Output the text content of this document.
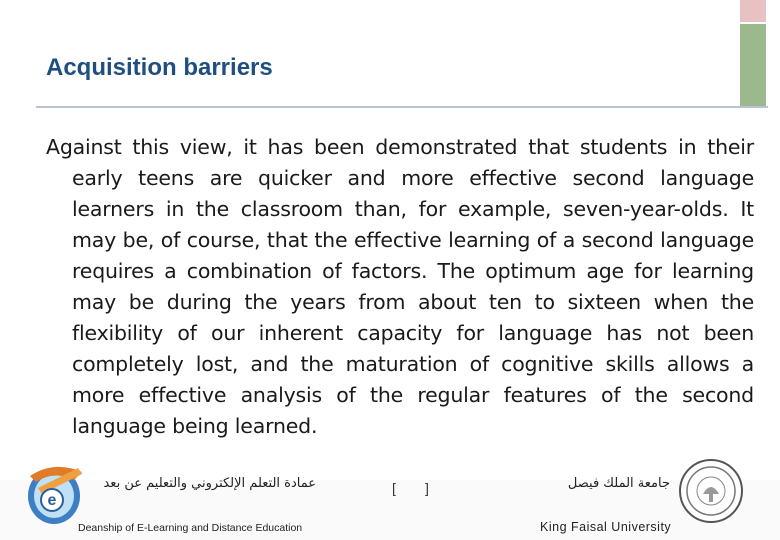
Acquisition barriers
Against this view, it has been demonstrated that students in their early teens are quicker and more effective second language learners in the classroom than, for example, seven-year-olds. It may be, of course, that the effective learning of a second language requires a combination of factors. The optimum age for learning may be during the years from about ten to sixteen when the flexibility of our inherent capacity for language has not been completely lost, and the maturation of cognitive skills allows a more effective analysis of the regular features of the second language being learned.
e
عمادة التعلم الإلكتروني والتعليم عن بعد
Deanship of E-Learning and Distance Education
[ ]	جامعة الملك فيصل
King Faisal University
